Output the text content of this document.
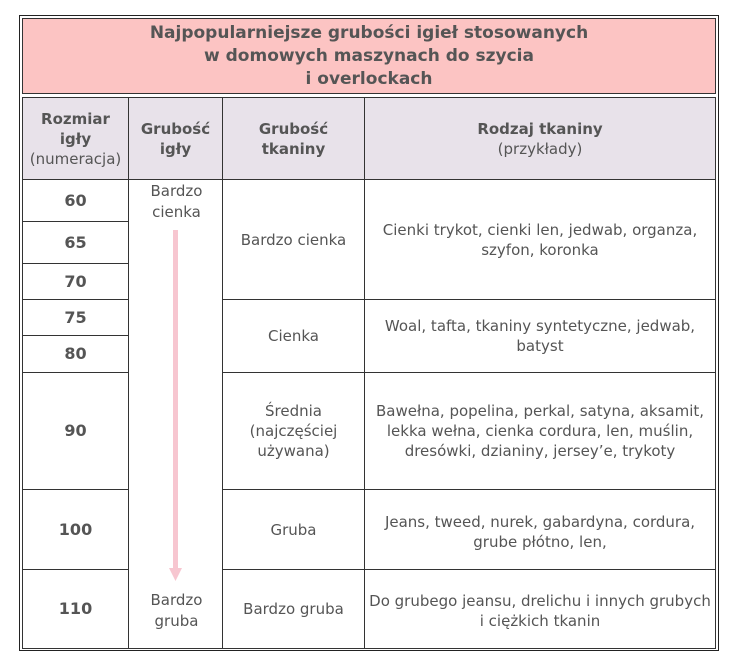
Najpopularniejsze grubości igieł stosowanych
w domowych maszynach do szycia
i overlockach
Rozmiar
igły
(numeracja)
Grubość
igły
Grubość
tkaniny
Rodzaj tkaniny
(przykłady)
60
65
70
75
80
90
100
110
Bardzo
cienka
Bardzo
gruba
Bardzo cienka
Cienka
Średnia
(najczęściej
używana)
Gruba
Bardzo gruba
Cienki trykot, cienki len, jedwab, organza,
szyfon, koronka
Woal, tafta, tkaniny syntetyczne, jedwab,
batyst
Bawełna, popelina, perkal, satyna, aksamit,
lekka wełna, cienka cordura, len, muślin,
dresówki, dzianiny, jersey’e, trykoty
Jeans, tweed, nurek, gabardyna, cordura,
grube płótno, len,
Do grubego jeansu, drelichu i innych grubych
i ciężkich tkanin
